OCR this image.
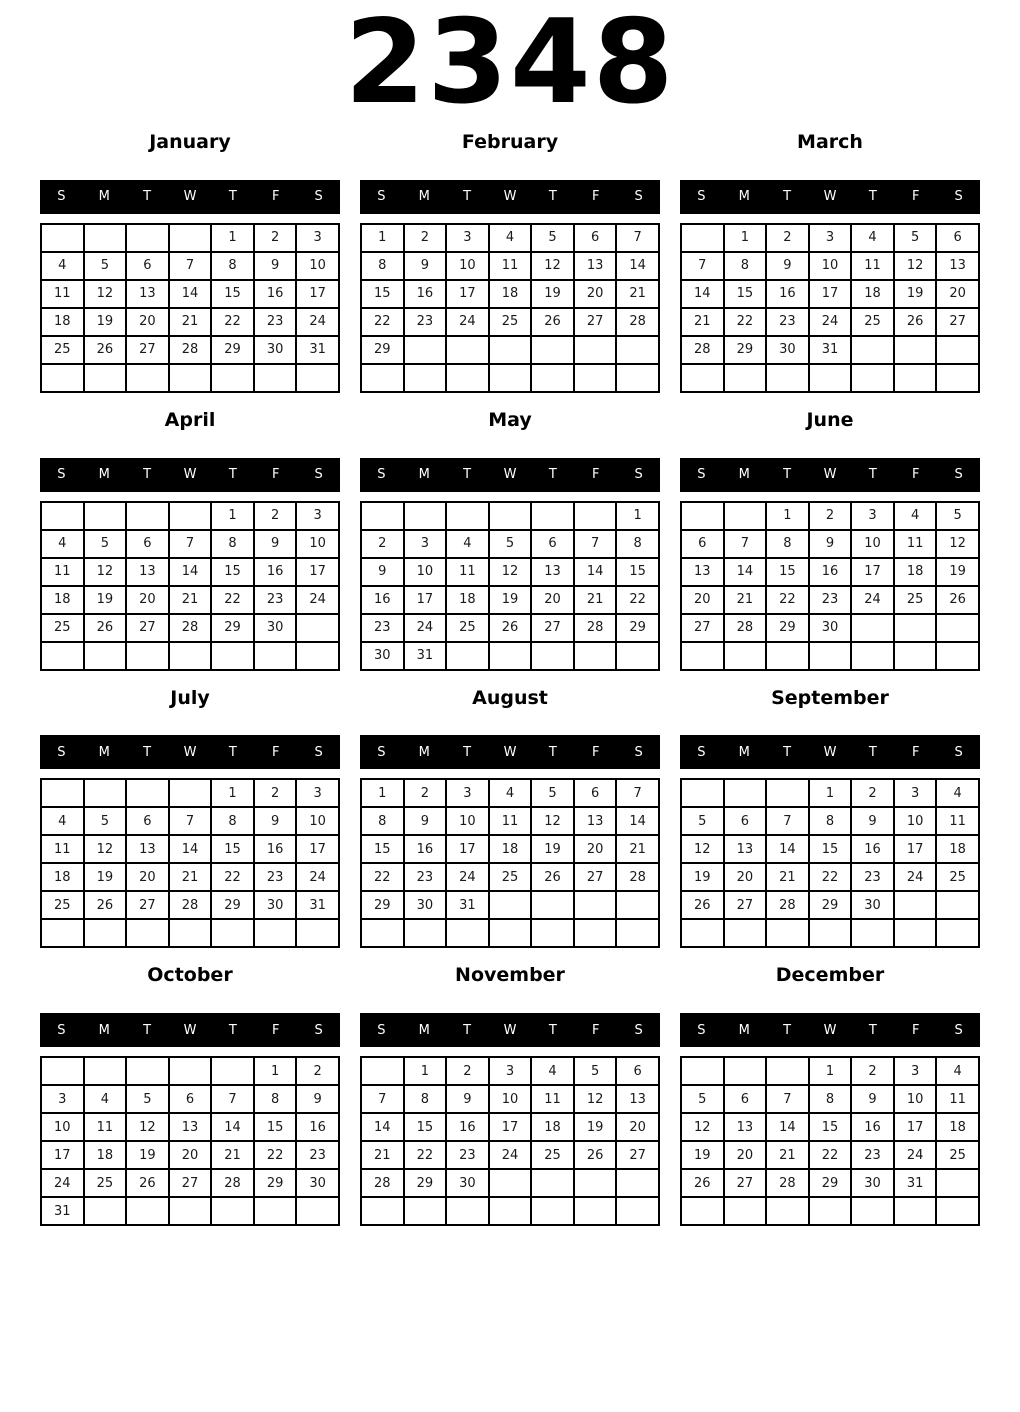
2348
January
S	M	T	W	T	F	S
				1	2	3
4	5	6	7	8	9	10
11	12	13	14	15	16	17
18	19	20	21	22	23	24
25	26	27	28	29	30	31

February
S	M	T	W	T	F	S
1	2	3	4	5	6	7
8	9	10	11	12	13	14
15	16	17	18	19	20	21
22	23	24	25	26	27	28
29						

March
S	M	T	W	T	F	S
	1	2	3	4	5	6
7	8	9	10	11	12	13
14	15	16	17	18	19	20
21	22	23	24	25	26	27
28	29	30	31			

April
S	M	T	W	T	F	S
				1	2	3
4	5	6	7	8	9	10
11	12	13	14	15	16	17
18	19	20	21	22	23	24
25	26	27	28	29	30	

May
S	M	T	W	T	F	S
						1
2	3	4	5	6	7	8
9	10	11	12	13	14	15
16	17	18	19	20	21	22
23	24	25	26	27	28	29
30	31					
June
S	M	T	W	T	F	S
		1	2	3	4	5
6	7	8	9	10	11	12
13	14	15	16	17	18	19
20	21	22	23	24	25	26
27	28	29	30			

July
S	M	T	W	T	F	S
				1	2	3
4	5	6	7	8	9	10
11	12	13	14	15	16	17
18	19	20	21	22	23	24
25	26	27	28	29	30	31

August
S	M	T	W	T	F	S
1	2	3	4	5	6	7
8	9	10	11	12	13	14
15	16	17	18	19	20	21
22	23	24	25	26	27	28
29	30	31				

September
S	M	T	W	T	F	S
			1	2	3	4
5	6	7	8	9	10	11
12	13	14	15	16	17	18
19	20	21	22	23	24	25
26	27	28	29	30		

October
S	M	T	W	T	F	S
					1	2
3	4	5	6	7	8	9
10	11	12	13	14	15	16
17	18	19	20	21	22	23
24	25	26	27	28	29	30
31						
November
S	M	T	W	T	F	S
	1	2	3	4	5	6
7	8	9	10	11	12	13
14	15	16	17	18	19	20
21	22	23	24	25	26	27
28	29	30				

December
S	M	T	W	T	F	S
			1	2	3	4
5	6	7	8	9	10	11
12	13	14	15	16	17	18
19	20	21	22	23	24	25
26	27	28	29	30	31	
